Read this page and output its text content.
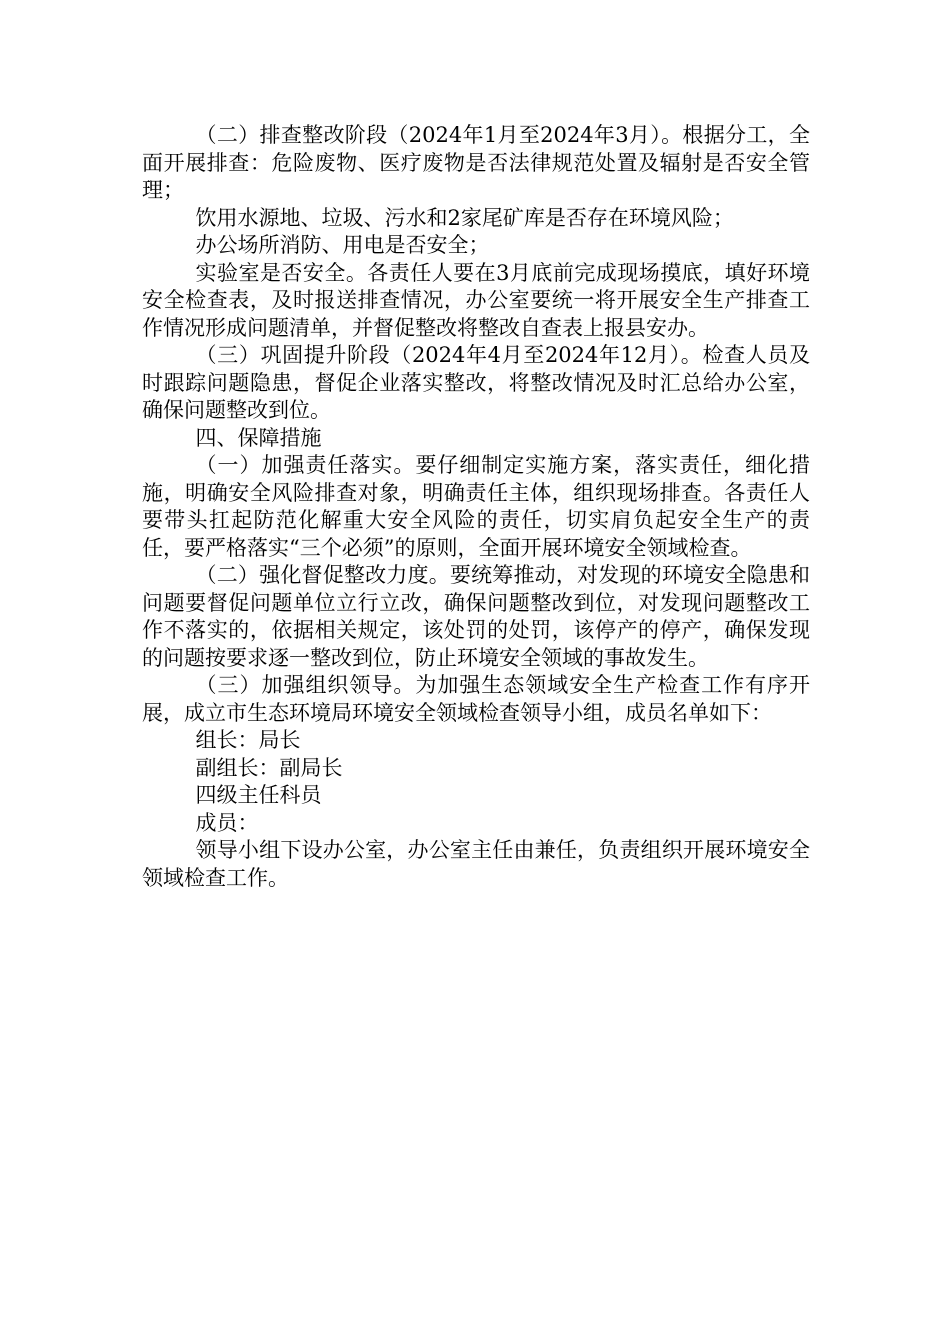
（二）排查整改阶段（2024年1月至2024年3月）。根据分工，全面开展排查：危险废物、医疗废物是否法律规范处置及辐射是否安全管理；

饮用水源地、垃圾、污水和2家尾矿库是否存在环境风险；

办公场所消防、用电是否安全；

实验室是否安全。各责任人要在3月底前完成现场摸底，填好环境安全检查表，及时报送排查情况，办公室要统一将开展安全生产排查工作情况形成问题清单，并督促整改将整改自查表上报县安办。

（三）巩固提升阶段（2024年4月至2024年12月）。检查人员及时跟踪问题隐患，督促企业落实整改，将整改情况及时汇总给办公室，确保问题整改到位。

四、保障措施

（一）加强责任落实。要仔细制定实施方案，落实责任，细化措施，明确安全风险排查对象，明确责任主体，组织现场排查。各责任人要带头扛起防范化解重大安全风险的责任，切实肩负起安全生产的责任，要严格落实“三个必须”的原则，全面开展环境安全领域检查。

（二）强化督促整改力度。要统筹推动，对发现的环境安全隐患和问题要督促问题单位立行立改，确保问题整改到位，对发现问题整改工作不落实的，依据相关规定，该处罚的处罚，该停产的停产，确保发现的问题按要求逐一整改到位，防止环境安全领域的事故发生。

（三）加强组织领导。为加强生态领域安全生产检查工作有序开展，成立市生态环境局环境安全领域检查领导小组，成员名单如下：

组长：局长

副组长：副局长

四级主任科员

成员：

领导小组下设办公室，办公室主任由兼任，负责组织开展环境安全领域检查工作。
